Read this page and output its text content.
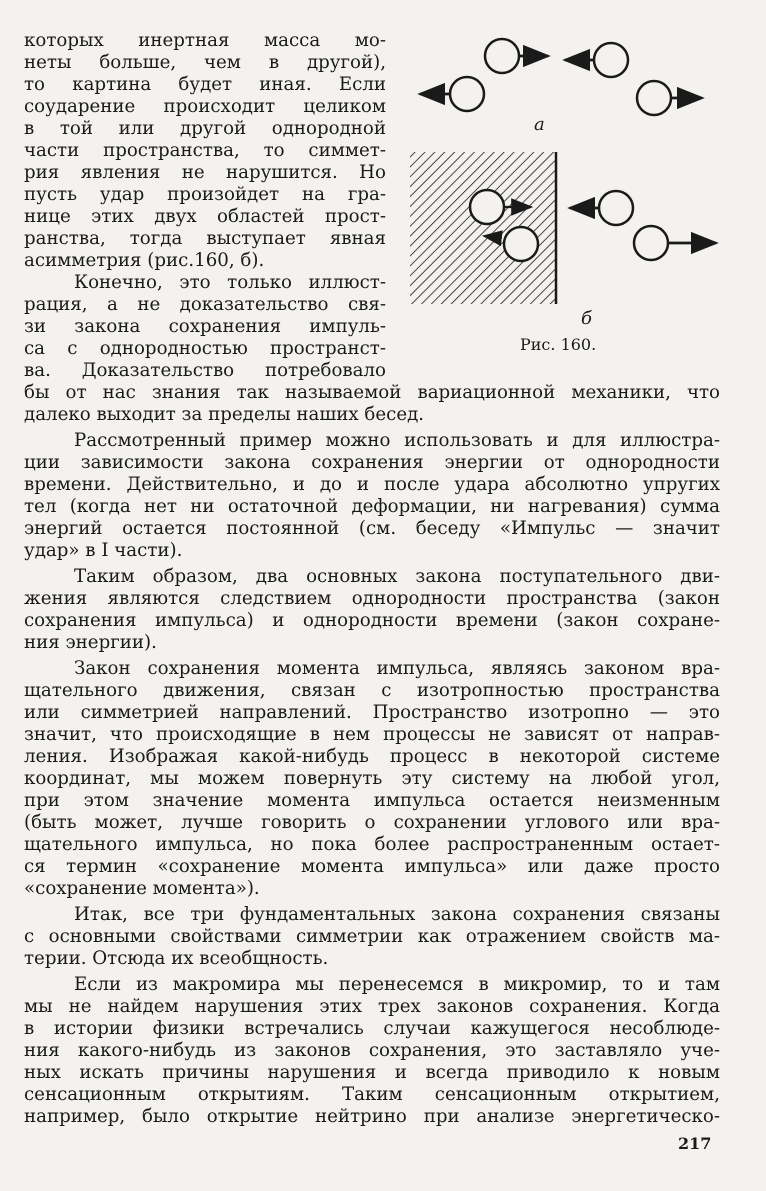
которых инертная масса мо-
неты больше, чем в другой),
то картина будет иная. Если
соударение происходит целиком
в той или другой однородной
части пространства, то симмет-
рия явления не нарушится. Но
пусть удар произойдет на гра-
нице этих двух областей прост-
ранства, тогда выступает явная
асимметрия (рис.160, б).
Конечно, это только иллюст-
рация, а не доказательство свя-
зи закона сохранения импуль-
са с однородностью пространст-
ва. Доказательство потребовало
бы от нас знания так называемой вариационной механики, что
далеко выходит за пределы наших бесед.
Рассмотренный пример можно использовать и для иллюстра-
ции зависимости закона сохранения энергии от однородности
времени. Действительно, и до и после удара абсолютно упругих
тел (когда нет ни остаточной деформации, ни нагревания) сумма
энергий остается постоянной (см. беседу «Импульс — значит
удар» в I части).
Таким образом, два основных закона поступательного дви-
жения являются следствием однородности пространства (закон
сохранения импульса) и однородности времени (закон сохране-
ния энергии).
Закон сохранения момента импульса, являясь законом вра-
щательного движения, связан с изотропностью пространства
или симметрией направлений. Пространство изотропно — это
значит, что происходящие в нем процессы не зависят от направ-
ления. Изображая какой-нибудь процесс в некоторой системе
координат, мы можем повернуть эту систему на любой угол,
при этом значение момента импульса остается неизменным
(быть может, лучше говорить о сохранении углового или вра-
щательного импульса, но пока более распространенным остает-
ся термин «сохранение момента импульса» или даже просто
«сохранение момента»).
Итак, все три фундаментальных закона сохранения связаны
с основными свойствами симметрии как отражением свойств ма-
терии. Отсюда их всеобщность.
Если из макромира мы перенесемся в микромир, то и там
мы не найдем нарушения этих трех законов сохранения. Когда
в истории физики встречались случаи кажущегося несоблюде-
ния какого-нибудь из законов сохранения, это заставляло уче-
ных искать причины нарушения и всегда приводило к новым
сенсационным открытиям. Таким сенсационным открытием,
например, было открытие нейтрино при анализе энергетическо-
а
б
Рис. 160.
217
